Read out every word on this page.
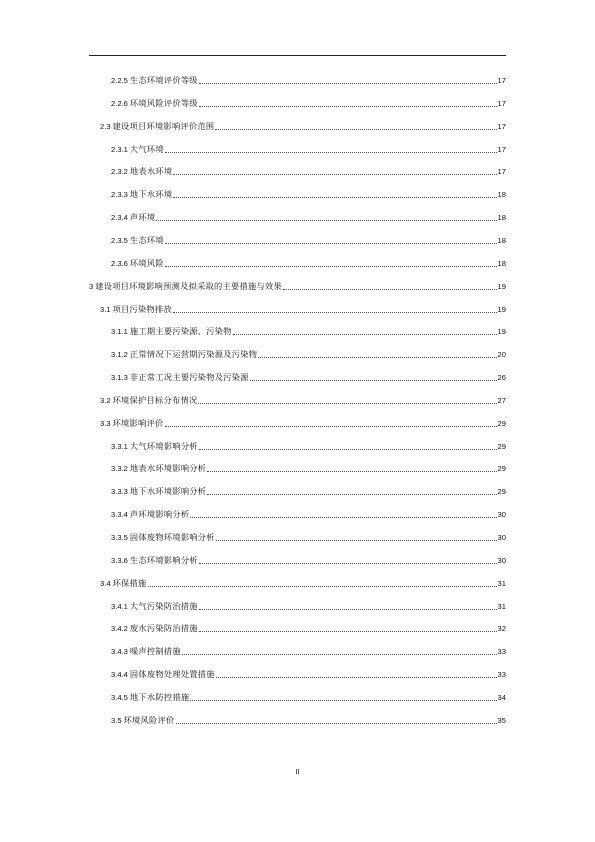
2.2.5 生态环境评价等级	17
2.2.6 环境风险评价等级	17
2.3 建设项目环境影响评价范围	17
2.3.1 大气环境	17
2.3.2 地表水环境	17
2.3.3 地下水环境	18
2.3.4 声环境	18
2.3.5 生态环境	18
2.3.6 环境风险	18
3 建设项目环境影响预测及拟采取的主要措施与效果	19
3.1 项目污染物排放	19
3.1.1 施工期主要污染源、污染物	19
3.1.2 正常情况下运营期污染源及污染物	20
3.1.3 非正常工况主要污染物及污染源	26
3.2 环境保护目标分布情况	27
3.3 环境影响评价	29
3.3.1 大气环境影响分析	29
3.3.2 地表水环境影响分析	29
3.3.3 地下水环境影响分析	29
3.3.4 声环境影响分析	30
3.3.5 固体废物环境影响分析	30
3.3.6 生态环境影响分析	30
3.4 环保措施	31
3.4.1 大气污染防治措施	31
3.4.2 废水污染防治措施	32
3.4.3 噪声控制措施	33
3.4.4 固体废物处理处置措施	33
3.4.5 地下水防控措施	34
3.5 环境风险评价	35
II
